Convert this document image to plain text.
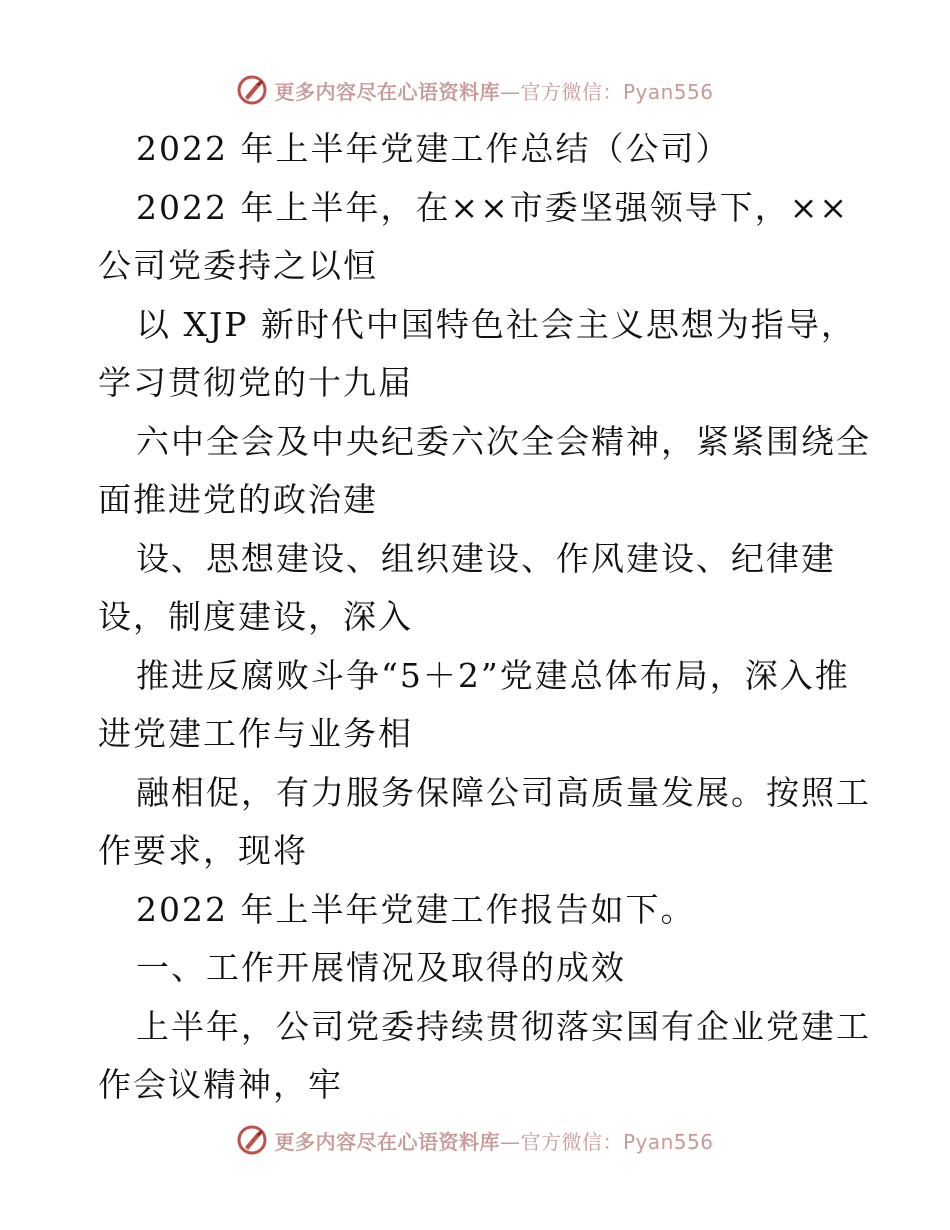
更多内容尽在心语资料库—官方微信：Pyan556
2022 年上半年党建工作总结（公司）
2022 年上半年，在××市委坚强领导下，××
公司党委持之以恒
以 XJP 新时代中国特色社会主义思想为指导，
学习贯彻党的十九届
六中全会及中央纪委六次全会精神，紧紧围绕全
面推进党的政治建
设、思想建设、组织建设、作风建设、纪律建
设，制度建设，深入
推进反腐败斗争“5＋2”党建总体布局，深入推
进党建工作与业务相
融相促，有力服务保障公司高质量发展。按照工
作要求，现将
2022 年上半年党建工作报告如下。
一、工作开展情况及取得的成效
上半年，公司党委持续贯彻落实国有企业党建工
作会议精神，牢
更多内容尽在心语资料库—官方微信：Pyan556
